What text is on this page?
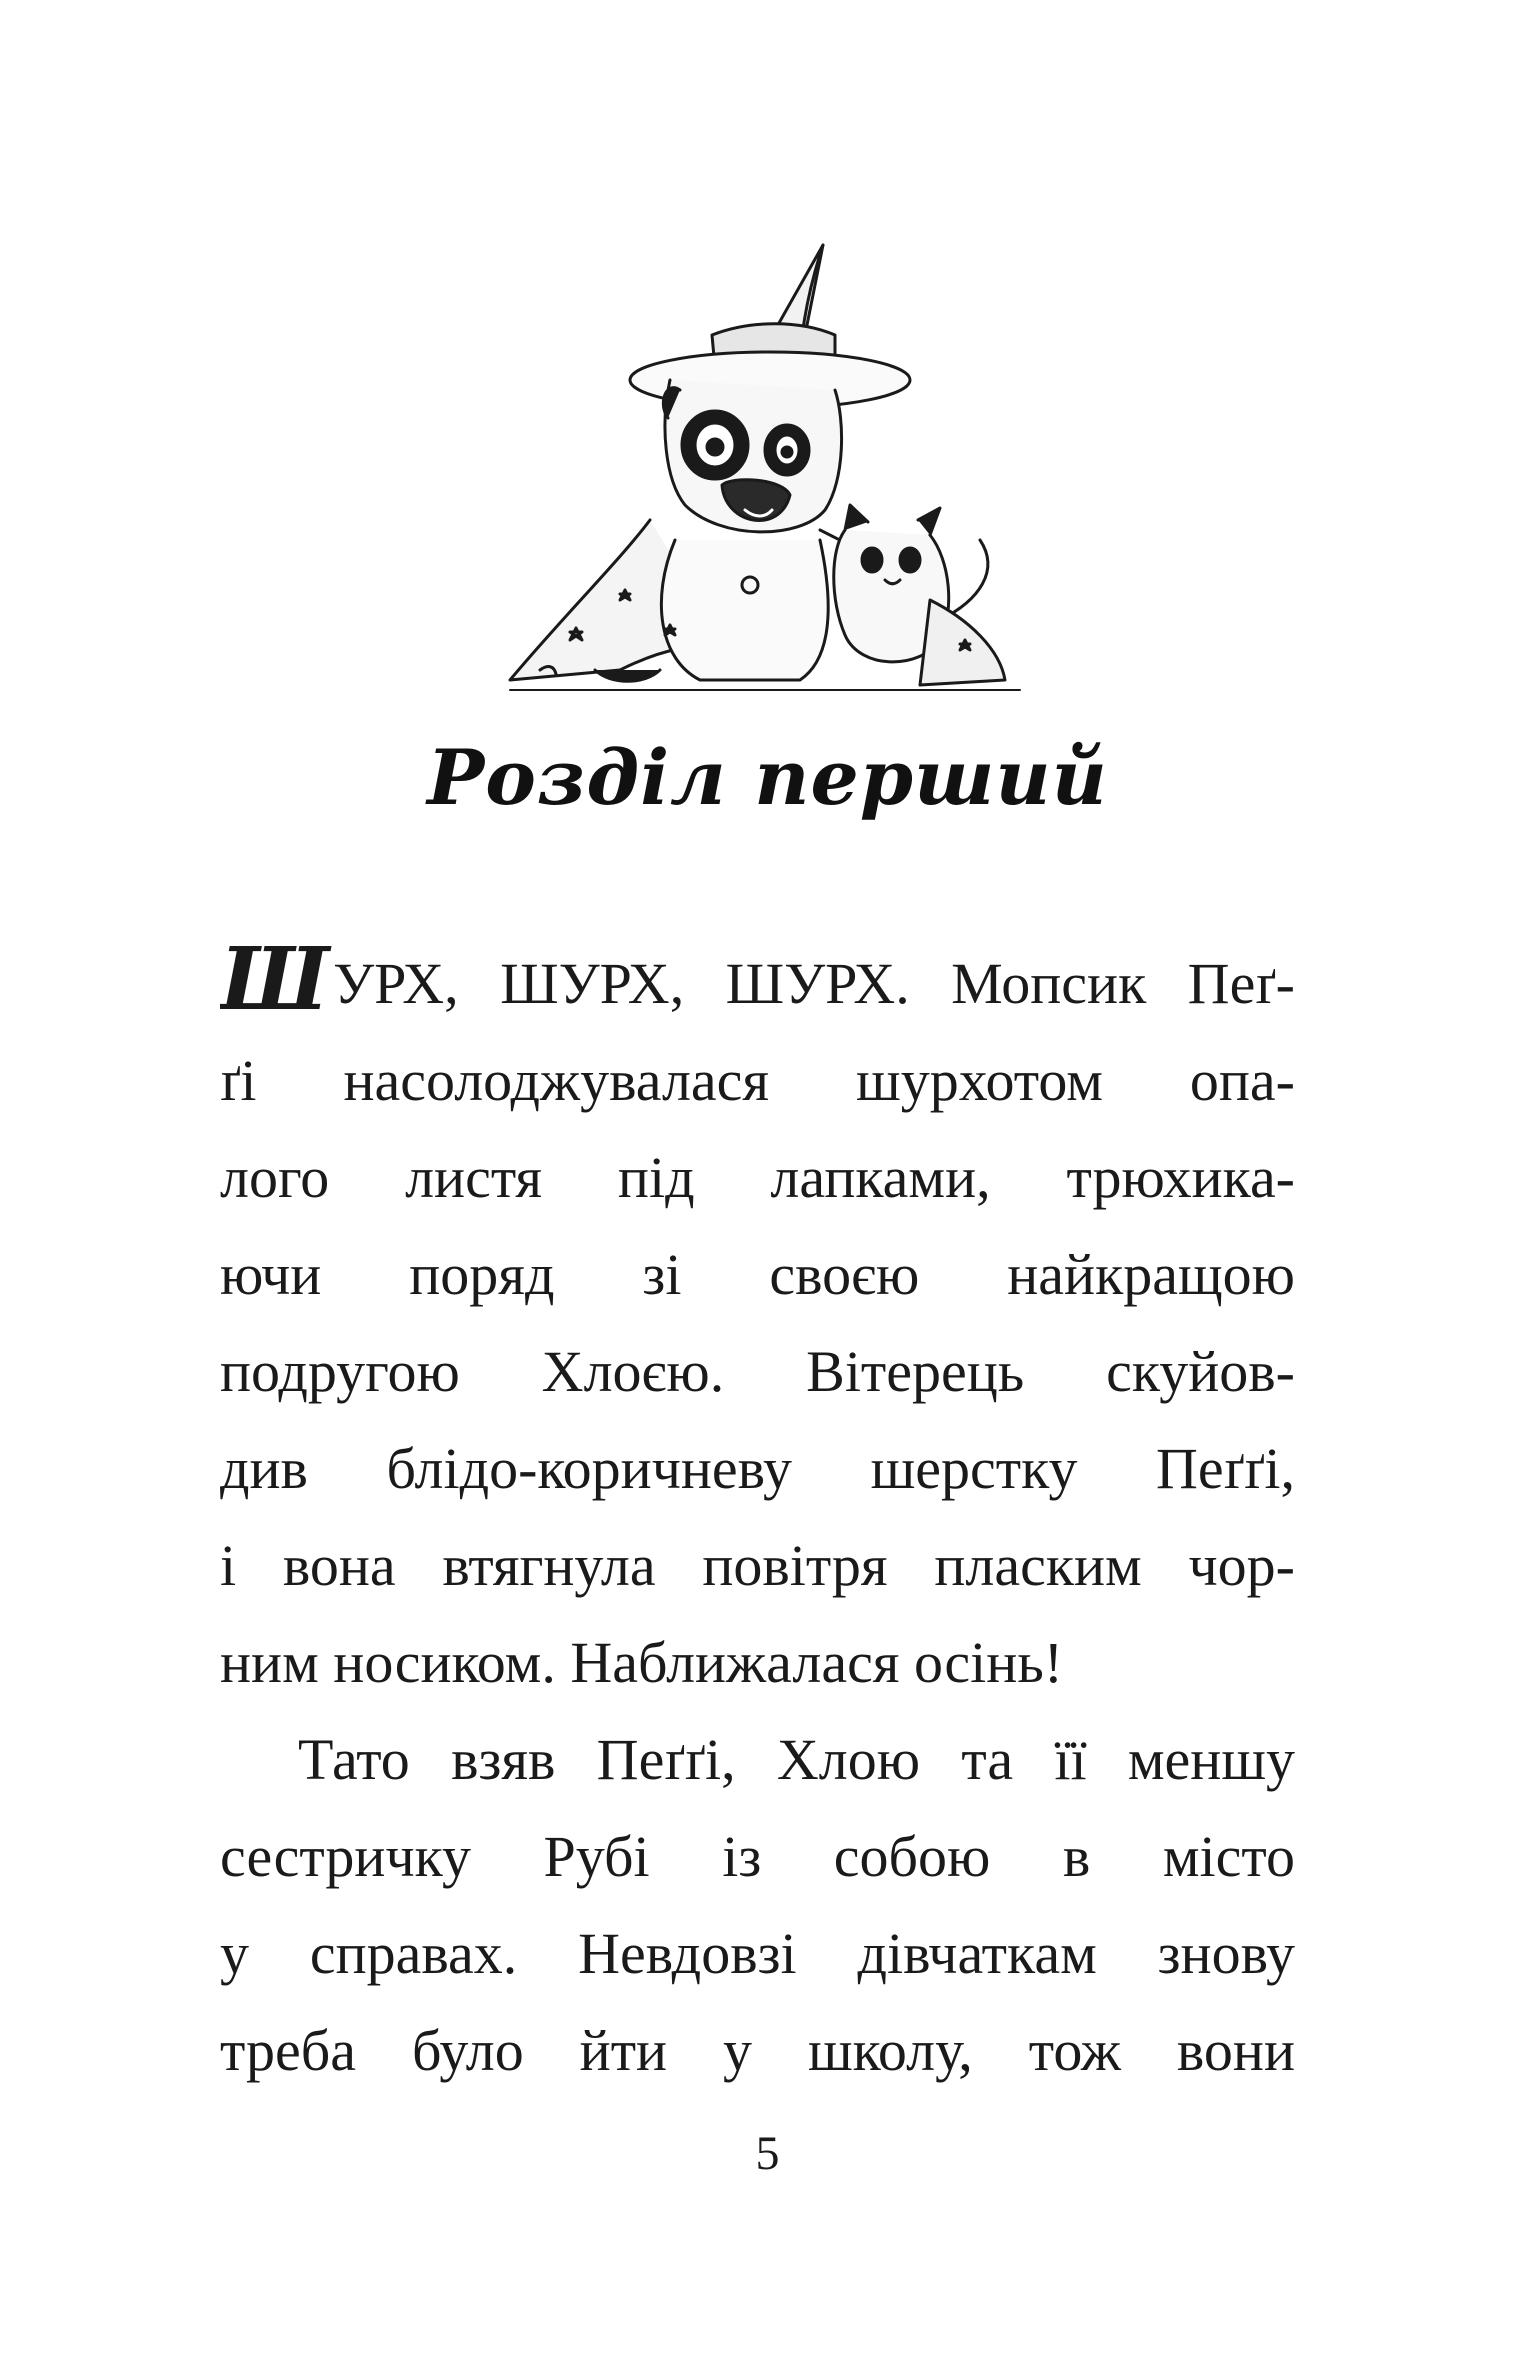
Розділ перший
ШУРХ, ШУРХ, ШУРХ. Мопсик Пеґ-
ґі насолоджувалася шурхотом опа-
лого листя під лапками, трюхика-
ючи поряд зі своєю найкращою
подругою Хлоєю. Вітерець скуйов-
див блідо-коричневу шерстку Пеґґі,
і вона втягнула повітря пласким чор-
ним носиком. Наближалася осінь!
Тато взяв Пеґґі, Хлою та її меншу
сестричку Рубі із собою в місто
у справах. Невдовзі дівчаткам знову
треба було йти у школу, тож вони
5
